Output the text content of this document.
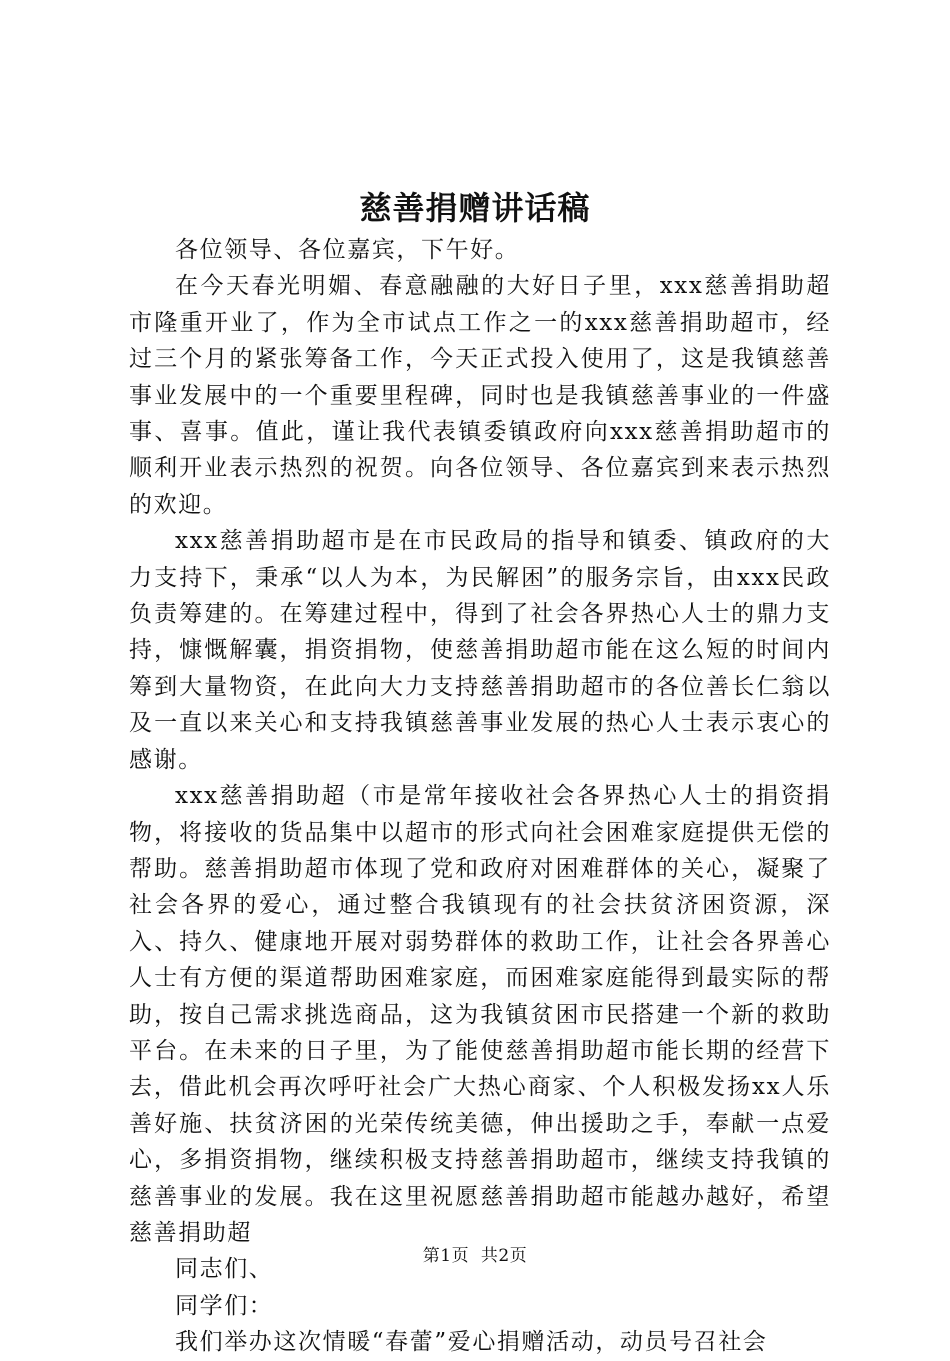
慈善捐赠讲话稿

各位领导、各位嘉宾，下午好。

在今天春光明媚、春意融融的大好日子里，xxx慈善捐助超市隆重开业了，作为全市试点工作之一的xxx慈善捐助超市，经过三个月的紧张筹备工作，今天正式投入使用了，这是我镇慈善事业发展中的一个重要里程碑，同时也是我镇慈善事业的一件盛事、喜事。值此，谨让我代表镇委镇政府向xxx慈善捐助超市的顺利开业表示热烈的祝贺。向各位领导、各位嘉宾到来表示热烈的欢迎。

xxx慈善捐助超市是在市民政局的指导和镇委、镇政府的大力支持下，秉承“以人为本，为民解困”的服务宗旨，由xxx民政负责筹建的。在筹建过程中，得到了社会各界热心人士的鼎力支持，慷慨解囊，捐资捐物，使慈善捐助超市能在这么短的时间内筹到大量物资，在此向大力支持慈善捐助超市的各位善长仁翁以及一直以来关心和支持我镇慈善事业发展的热心人士表示衷心的感谢。

xxx慈善捐助超（市是常年接收社会各界热心人士的捐资捐物，将接收的货品集中以超市的形式向社会困难家庭提供无偿的帮助。慈善捐助超市体现了党和政府对困难群体的关心，凝聚了社会各界的爱心，通过整合我镇现有的社会扶贫济困资源，深入、持久、健康地开展对弱势群体的救助工作，让社会各界善心人士有方便的渠道帮助困难家庭，而困难家庭能得到最实际的帮助，按自己需求挑选商品，这为我镇贫困市民搭建一个新的救助平台。在未来的日子里，为了能使慈善捐助超市能长期的经营下去，借此机会再次呼吁社会广大热心商家、个人积极发扬xx人乐善好施、扶贫济困的光荣传统美德，伸出援助之手，奉献一点爱心，多捐资捐物，继续积极支持慈善捐助超市，继续支持我镇的慈善事业的发展。我在这里祝愿慈善捐助超市能越办越好，希望慈善捐助超

同志们、

同学们：

我们举办这次情暖“春蕾”爱心捐赠活动，动员号召社会

第1页 共2页
